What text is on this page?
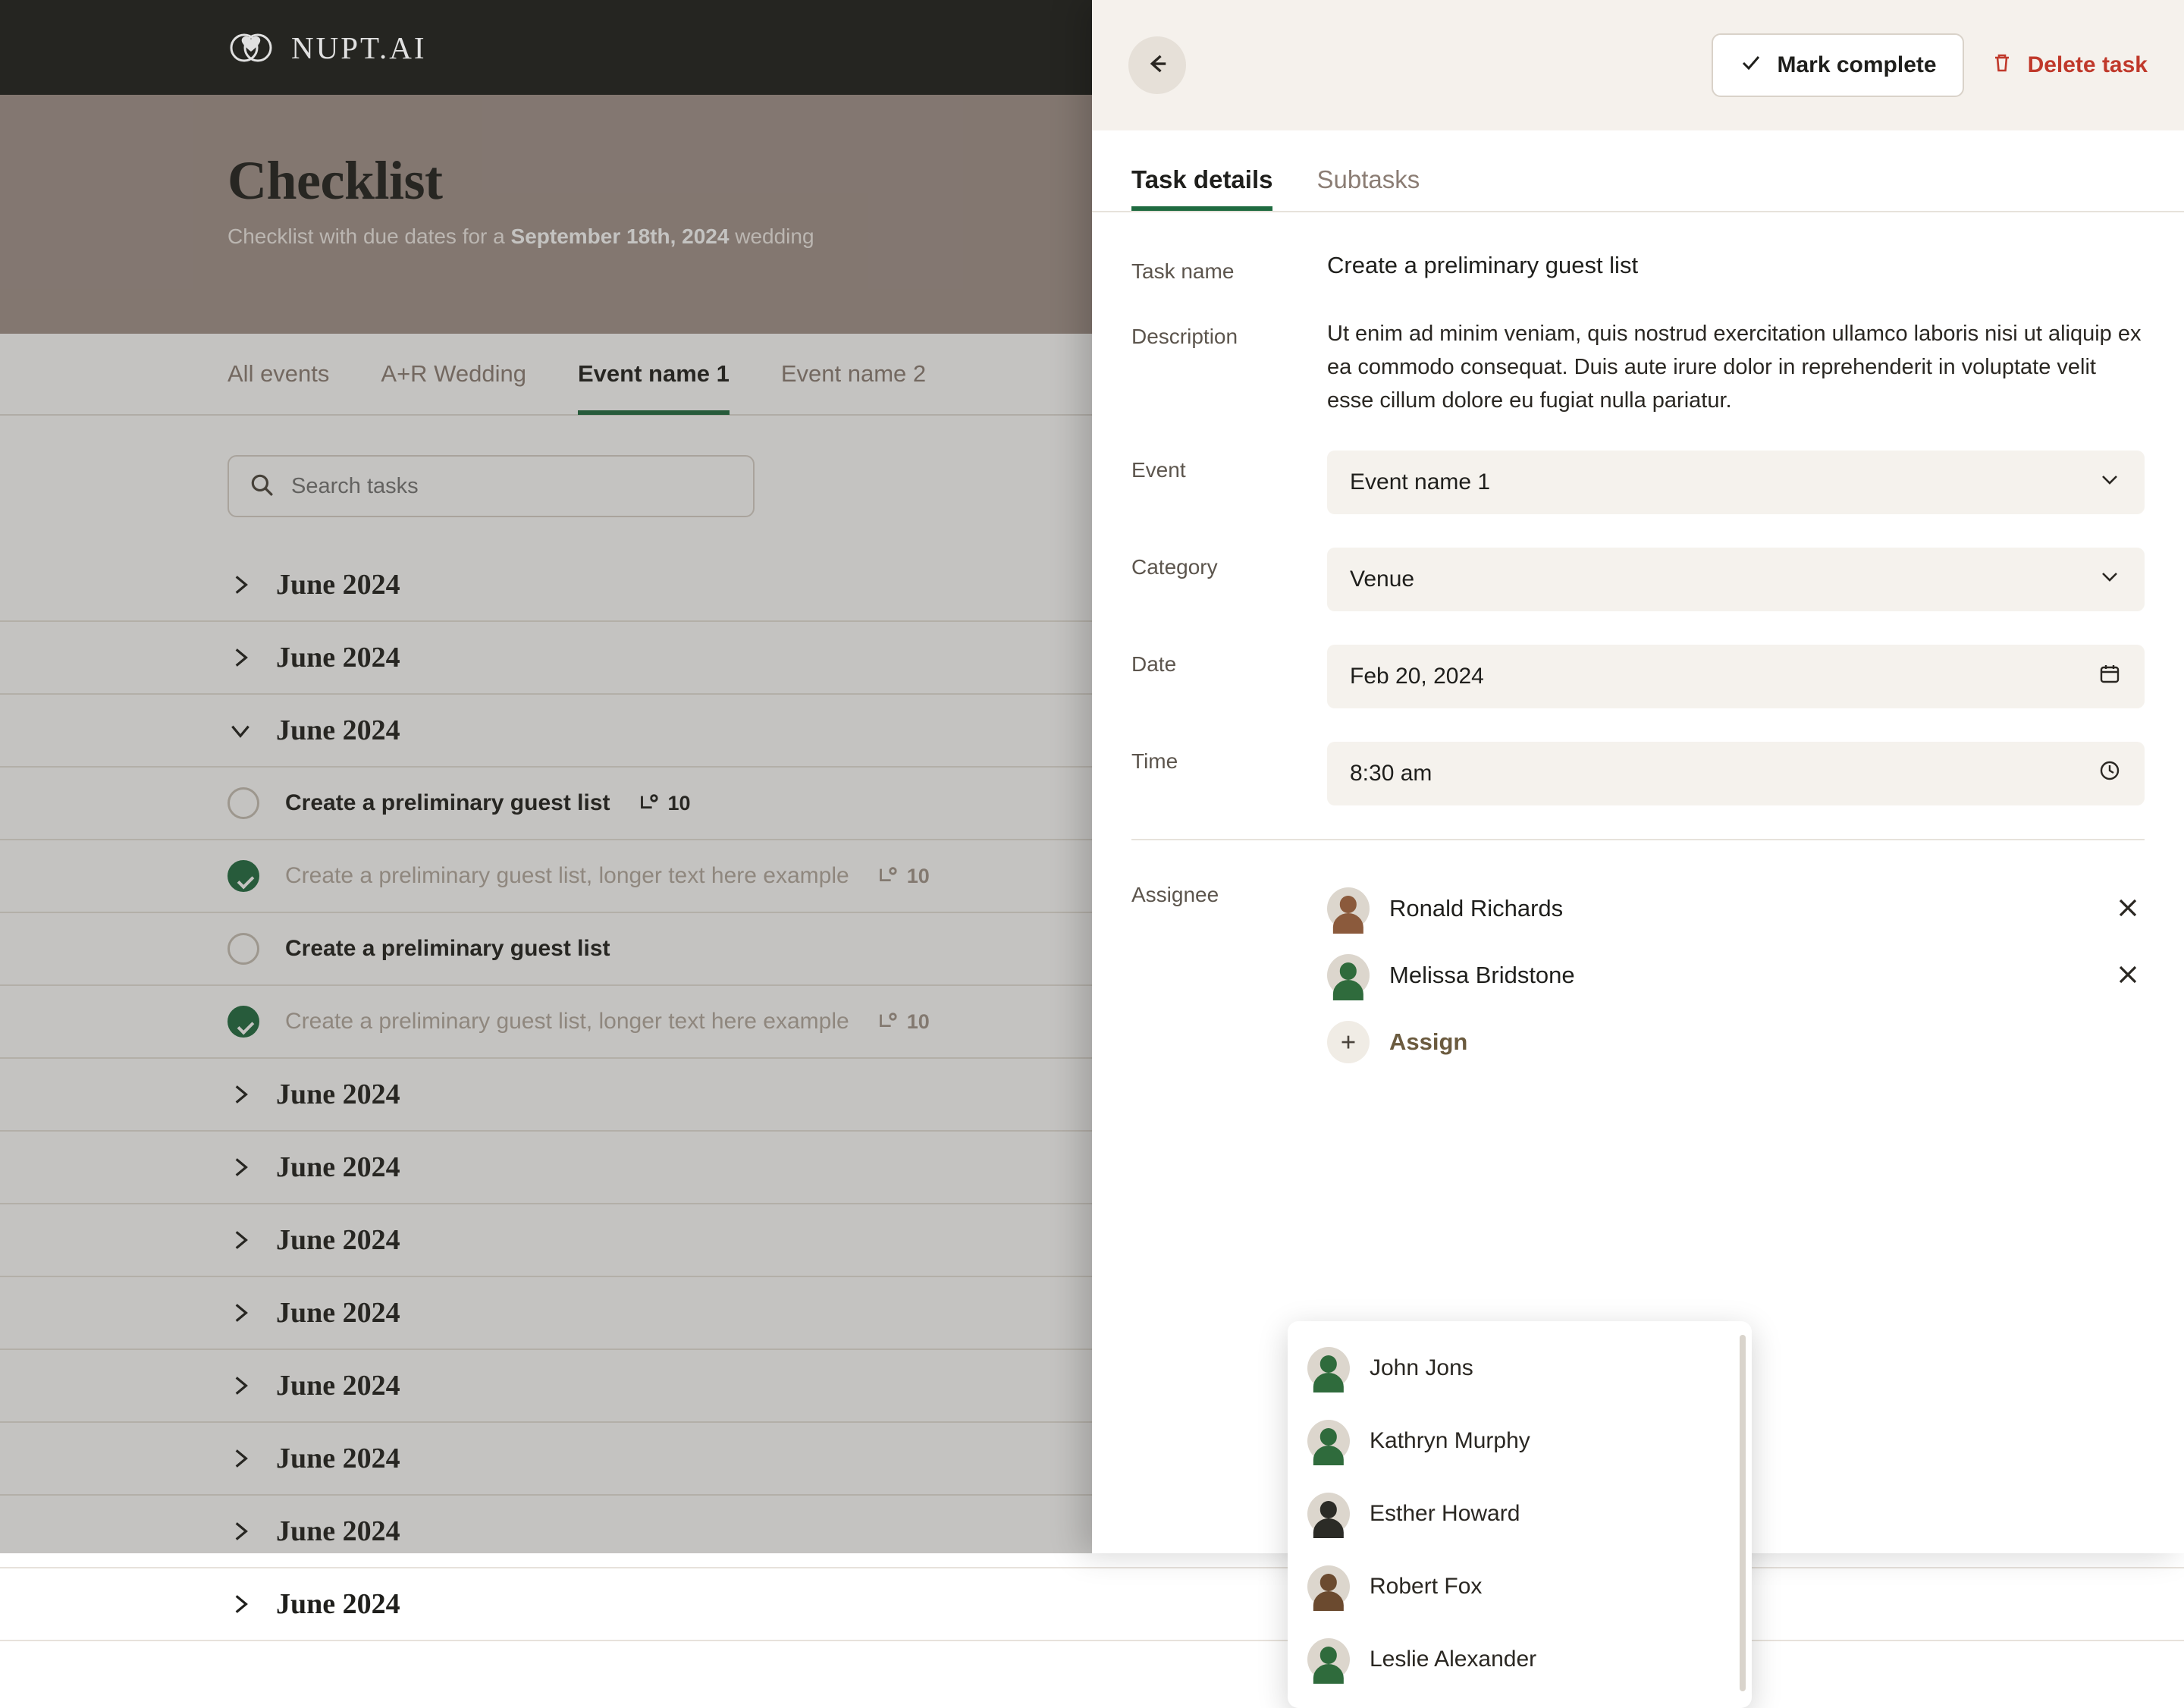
NUPT.AI
Checklist

Checklist with due dates for a September 18th, 2024 wedding

All events A+R Wedding Event name 1 Event name 2
Search tasks
June 2024
June 2024
June 2024
Create a preliminary guest list	10
Create a preliminary guest list, longer text here example	10
Create a preliminary guest list
Create a preliminary guest list, longer text here example	10
June 2024
June 2024
June 2024
June 2024
June 2024
June 2024
June 2024
June 2024
Mark complete	Delete task
Task details Subtasks
Task name	Create a preliminary guest list
Description	Ut enim ad minim veniam, quis nostrud exercitation ullamco laboris nisi ut aliquip ex ea commodo consequat. Duis aute irure dolor in reprehenderit in voluptate velit esse cillum dolore eu fugiat nulla pariatur.
Event	Event name 1
Category	Venue
Date	Feb 20, 2024
Time	8:30 am
Assignee
Ronald Richards
Melissa Bridstone
Assign
John Jons
Kathryn Murphy
Esther Howard
Robert Fox
Leslie Alexander
